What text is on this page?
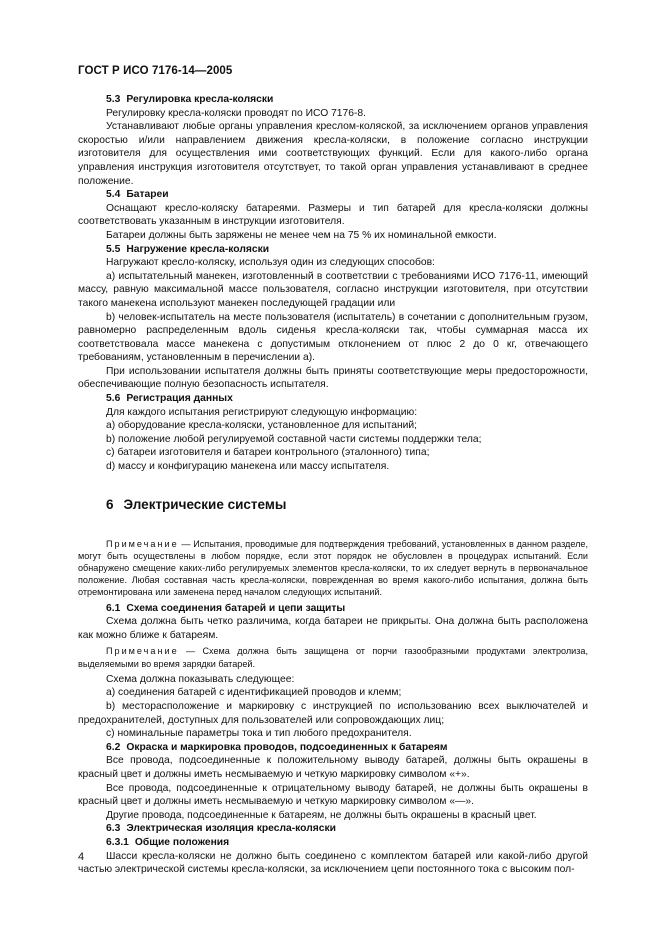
ГОСТ Р ИСО 7176-14—2005

5.3 Регулировка кресла-коляски

Регулировку кресла-коляски проводят по ИСО 7176-8.

Устанавливают любые органы управления креслом-коляской, за исключением органов управления скоростью и/или направлением движения кресла-коляски, в положение согласно инструкции изготовителя для осуществления ими соответствующих функций. Если для какого-либо органа управления инструкция изготовителя отсутствует, то такой орган управления устанавливают в среднее положение.

5.4 Батареи

Оснащают кресло-коляску батареями. Размеры и тип батарей для кресла-коляски должны соответствовать указанным в инструкции изготовителя.

Батареи должны быть заряжены не менее чем на 75 % их номинальной емкости.

5.5 Нагружение кресла-коляски

Нагружают кресло-коляску, используя один из следующих способов:

a) испытательный манекен, изготовленный в соответствии с требованиями ИСО 7176-11, имеющий массу, равную максимальной массе пользователя, согласно инструкции изготовителя, при отсутствии такого манекена используют манекен последующей градации или

b) человек-испытатель на месте пользователя (испытатель) в сочетании с дополнительным грузом, равномерно распределенным вдоль сиденья кресла-коляски так, чтобы суммарная масса их соответствовала массе манекена с допустимым отклонением от плюс 2 до 0 кг, отвечающего требованиям, установленным в перечислении а).

При использовании испытателя должны быть приняты соответствующие меры предосторожности, обеспечивающие полную безопасность испытателя.

5.6 Регистрация данных

Для каждого испытания регистрируют следующую информацию:

a) оборудование кресла-коляски, установленное для испытаний;

b) положение любой регулируемой составной части системы поддержки тела;

c) батареи изготовителя и батареи контрольного (эталонного) типа;

d) массу и конфигурацию манекена или массу испытателя.

6 Электрические системы

Примечание — Испытания, проводимые для подтверждения требований, установленных в данном разделе, могут быть осуществлены в любом порядке, если этот порядок не обусловлен в процедурах испытаний. Если обнаружено смещение каких-либо регулируемых элементов кресла-коляски, то их следует вернуть в первоначальное положение. Любая составная часть кресла-коляски, поврежденная во время какого-либо испытания, должна быть отремонтирована или заменена перед началом следующих испытаний.

6.1 Схема соединения батарей и цепи защиты

Схема должна быть четко различима, когда батареи не прикрыты. Она должна быть расположена как можно ближе к батареям.

Примечание — Схема должна быть защищена от порчи газообразными продуктами электролиза, выделяемыми во время зарядки батарей.

Схема должна показывать следующее:

a) соединения батарей с идентификацией проводов и клемм;

b) месторасположение и маркировку с инструкцией по использованию всех выключателей и предохранителей, доступных для пользователей или сопровождающих лиц;

c) номинальные параметры тока и тип любого предохранителя.

6.2 Окраска и маркировка проводов, подсоединенных к батареям

Все провода, подсоединенные к положительному выводу батарей, должны быть окрашены в красный цвет и должны иметь несмываемую и четкую маркировку символом «+».

Все провода, подсоединенные к отрицательному выводу батарей, не должны быть окрашены в красный цвет и должны иметь несмываемую и четкую маркировку символом «—».

Другие провода, подсоединенные к батареям, не должны быть окрашены в красный цвет.

6.3 Электрическая изоляция кресла-коляски

6.3.1 Общие положения

Шасси кресла-коляски не должно быть соединено с комплектом батарей или какой-либо другой частью электрической системы кресла-коляски, за исключением цепи постоянного тока с высоким пол-

4
